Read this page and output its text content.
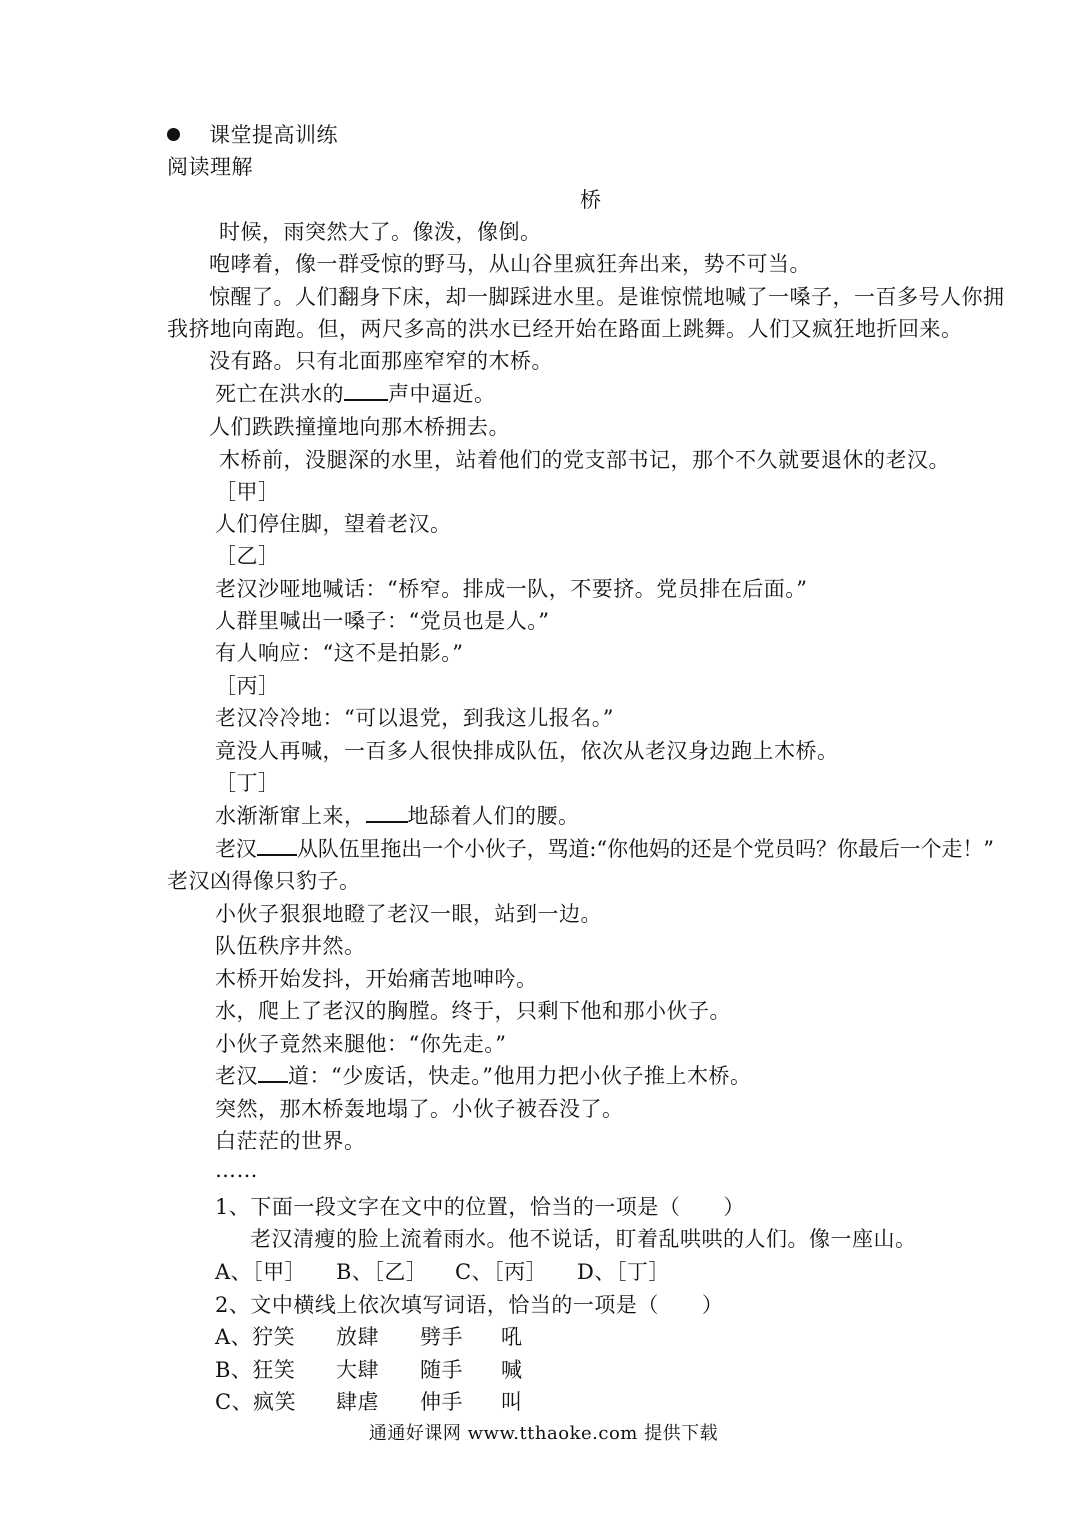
课堂提高训练
阅读理解
桥
时候，雨突然大了。像泼，像倒。
咆哮着，像一群受惊的野马，从山谷里疯狂奔出来，势不可当。
惊醒了。人们翻身下床，却一脚踩进水里。是谁惊慌地喊了一嗓子，一百多号人你拥
我挤地向南跑。但，两尺多高的洪水已经开始在路面上跳舞。人们又疯狂地折回来。
没有路。只有北面那座窄窄的木桥。
死亡在洪水的 声中逼近。
人们跌跌撞撞地向那木桥拥去。
木桥前，没腿深的水里，站着他们的党支部书记，那个不久就要退休的老汉。
［甲］
人们停住脚，望着老汉。
［乙］
老汉沙哑地喊话：“桥窄。排成一队，不要挤。党员排在后面。”
人群里喊出一嗓子：“党员也是人。”
有人响应：“这不是拍影。”
［丙］
老汉冷冷地：“可以退党，到我这儿报名。”
竟没人再喊，一百多人很快排成队伍，依次从老汉身边跑上木桥。
［丁］
水渐渐窜上来， 地舔着人们的腰。
老汉 从队伍里拖出一个小伙子，骂道:“你他妈的还是个党员吗？你最后一个走！”
老汉凶得像只豹子。
小伙子狠狠地瞪了老汉一眼，站到一边。
队伍秩序井然。
木桥开始发抖，开始痛苦地呻吟。
水，爬上了老汉的胸膛。终于，只剩下他和那小伙子。
小伙子竟然来腿他：“你先走。”
老汉 道：“少废话，快走。”他用力把小伙子推上木桥。
突然，那木桥轰地塌了。小伙子被吞没了。
白茫茫的世界。
……
1、下面一段文字在文中的位置，恰当的一项是（　　）
老汉清瘦的脸上流着雨水。他不说话，盯着乱哄哄的人们。像一座山。
A、［甲］ B、［乙］ C、［丙］ D、［丁］
2、文中横线上依次填写词语，恰当的一项是（　　）
A、狞笑 放肆 劈手 吼
B、狂笑 大肆 随手 喊
C、疯笑 肆虐 伸手 叫
通通好课网 www.tthaoke.com 提供下载
